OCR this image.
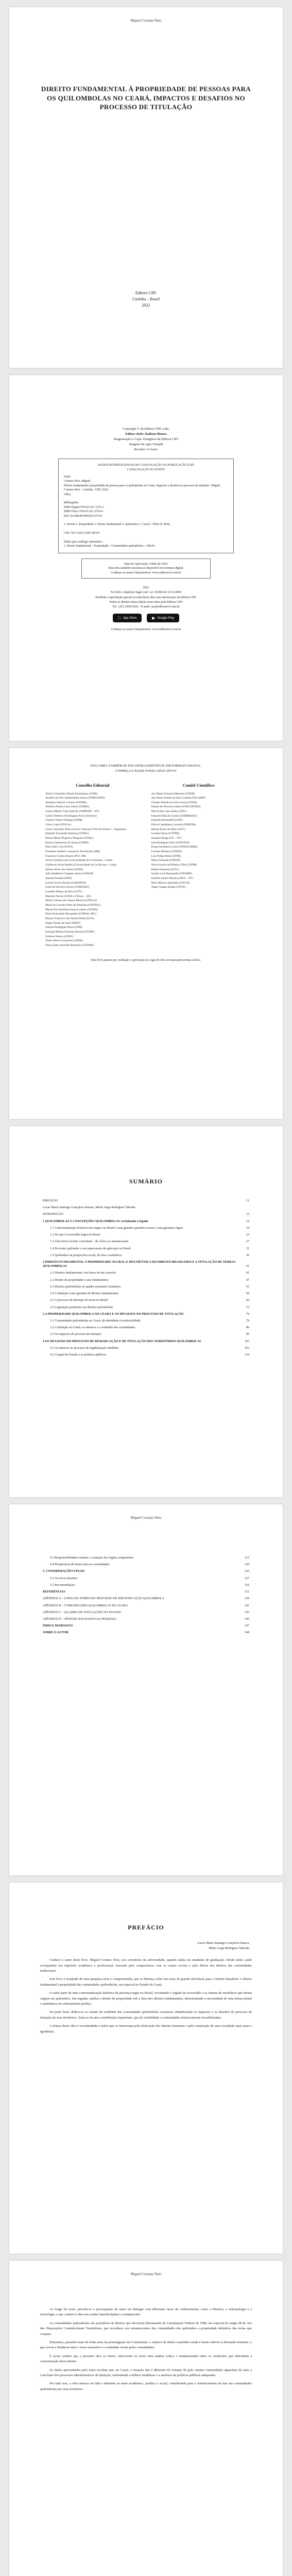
Miguel Coriano Neto
DIREITO FUNDAMENTAL À PROPRIEDADE DE PESSOAS PARA OS QUILOMBOLAS NO CEARÁ, IMPACTOS E DESAFIOS NO PROCESSO DE TITULAÇÃO
Editora CRV
Curitiba – Brasil
2022
Copyright © da Editora CRV Ltda.
Editor-chefe: Railson Moura
Diagramação e Capa: Designers da Editora CRV
Imagem da capa: Freepik
Revisão: O Autor
DADOS INTERNACIONAIS DE CATALOGAÇÃO NA PUBLICAÇÃO (CIP)
CATALOGAÇÃO NA FONTE
N469
Coriano Neto, Miguel.
Direito fundamental à propriedade de pessoas para os quilombolas no Ceará, impactos e desafios no processo de titulação / Miguel Coriano Neto – Curitiba : CRV, 2022.
148 p.

Bibliografia
ISBN Digital 978-65-251-3375-1
ISBN Físico 978-65-251-3374-4
DOI 10.24824/978652513374.4

1. Direito 2. Propriedade 3. Direito fundamental 4. Quilombos 5. Ceará I. Título II. Série.

CDU 347.2 (81) CDD 346.04

Índice para catálogo sistemático
1. Direito fundamental – Propriedade – Comunidades quilombolas – 346.04
Data de Aprovação: Junho de 2022
Esta obra também encontra-se disponível em formato digital.
Conheça os nossos lançamentos: www.editoracrv.com.br
2022
Foi feito o depósito legal conf. Lei 10.994 de 14/12/2004
Proibida a reprodução parcial ou total desta obra sem autorização da Editora CRV
Todos os direitos desta edição reservados pela Editora CRV
Tel.: (41) 3039-6418 – E-mail: sac@editoracrv.com.br
App Store	▶ Google Play
Conheça os nossos lançamentos: www.editoracrv.com.br
ESTA OBRA TAMBÉM SE ENCONTRA DISPONÍVEL EM FORMATO DIGITAL.
CONHEÇA E BAIXE NOSSO APLICATIVO!
Conselho Editorial:
Aldira Guimarães Duarte Domínguez (UNB)
Andréia da Silva Quintanilha Sousa (UNIR/UFRN)
Anselmo Alencar Colares (UFOPA)
Antônio Pereira Gaio Júnior (UFRRJ)
Carlos Alberto Vilar Estêvão (UMINHO – PT)
Carlos Federico Dominguez Avila (Unieuro)
Carmen Tereza Velanga (UNIR)
Celso Conti (UFSCar)
Cesar Gerónimo Tello (Univer. Nacional Três de Febrero – Argentina)
Eduardo Fernandes Barbosa (UFMG)
Elione Maria Nogueira Diogenes (UFAL)
Elizeu Clementino de Souza (UNEB)
Élsio José Corá (UFFS)
Fernando Antônio Gonçalves Alcoforado (IPB)
Francisco Carlos Duarte (PUC-PR)
Gloria Fariñas León (Universidade de La Havana – Cuba)
Guillermo Arias Beatón (Universidade de La Havana – Cuba)
Jailson Alves dos Santos (UFRJ)
João Adalberto Campato Junior (UNESP)
Josania Portela (UFPI)
Leonel Severo Rocha (UNISINOS)
Lídia de Oliveira Xavier (UNIEURO)
Lourdes Helena da Silva (UFV)
Marcelo Paixão (UFRJ e UTexas – US)
Maria Cristina dos Santos Bezerra (UFSCar)
Maria de Lourdes Pinto de Almeida (UNOESC)
Maria Lília Imbiriba Sousa Colares (UFOPA)
Paulo Romualdo Hernandes (UNIFAL-MG)
Renato Francisco dos Santos Paula (UFG)
Sérgio Nunes de Jesus (IFRO)
Simone Rodrigues Pinto (UNB)
Solange Helena Ximenes-Rocha (UFOPA)
Sydione Santos (UEPG)
Tadeu Oliver Gonçalves (UFPA)
Tania Suely Azevedo Brasileiro (UFOPA)
Comitê Científico:
Ana Maria Ferreira Menezes (UNEB)
Ana Paula Jardim da Silva Guedes (FACAMP)
Charles Alfredo da Silva Souza (UFPA)
Daniel de Oliveira Gomes (UNICENTRO)
Deivid Alex dos Santos (UEL)
Eduardo Biacchi Gomes (UNIBRASIL)
Eduardo Romanelli (UFJF)
Flávia Castellanos Lacerda (UNIFOR)
Helena Esser dos Reis (UFG)
Ivonélio Bonn (UTFPR)
Joaquim Braga (UC – PT)
José Rodrigues Neto (UNIVASF)
Kinga Alcântara Cyran (UNIFACIDER)
Luciana Miliano (UNESP)
Luiz Felipe Mota (UFPB)
Maria Almeida (UNESP)
Oscar Soares de Pinheiro Filho (UFPR)
Rafael Junqueira (UFG)
Sandro Luiz Bazzanella (UNIARP)
Serafim Santos Moreira (PUC – PT)
Sério Marcos Agostinho (UFGD)
Tiago Chagas Araújo (UFCE)
Este livro passou por avaliação e aprovação às cegas de dois ou mais pareceristas ad hoc.
SUMÁRIO
PREFÁCIO	11
Lucas Maria Santiago Gonçalves Ramos, Mário Jorge Rodrigues Taborda
INTRODUÇÃO	15
1 QUILOMBOLAS E CONCEPÇÕES QUILOMBOLAS: revisitando o legado	19
1.1 Contextualização histórica dos negros no Brasil e suas grandes questões sociais e suas garantias legais	19
1.2 Do que é escravidão negra no Brasil	23
1.3 Uma breve revisão conceitual – da África ao remanescente	27
1.4 Do termo quilombo e sua repercussão de aplicação no Brasil	31
1.5 Quilombos na perspectiva social, de luta e resistência	36
2 DIREITO FUNDAMENTAL À PROPRIEDADE: PLURAL E MULTIÉTNICA DO DIREITO BRASILEIRO E A TITULAÇÃO DE TERRAS QUILOMBOLAS	41
2.1 Direitos fundamentais: em busca de um conceito	41
2.2 Direito de propriedade e seus fundamentos	47
2.3 Direitos quilombolas no quadro normativo brasileiro	53
2.4 A titulação como garantia de direitos fundamentais	60
2.5 O processo de titulação de terras no Brasil	66
2.6 Legislação pertinente aos direitos quilombolas	72
3 A PROPRIEDADE QUILOMBOLA NO CEARÁ E OS DESAFIOS NO PROCESSO DE TITULAÇÃO	79
3.1 Comunidades quilombolas no Ceará: da identidade à territorialidade	79
3.2 A titulação no Ceará: os números e a realidade das comunidades	86
3.3 Os impactos do processo de titulação	95
4 OS DESAFIOS DO PROCESSO DE DEMARCAÇÃO E DE TITULAÇÃO DOS TERRITÓRIOS QUILOMBOLAS	103
4.1 Os entraves no processo de regularização fundiária	103
4.2 O papel do Estado e as políticas públicas	110
Miguel Coriano Neto
4.3 Responsabilidades estatais e a atuação dos órgãos competentes	115
4.4 Perspectivas de futuro para as comunidades	120
5. CONSIDERAÇÕES FINAIS	125
5.1 Os novos desafios	127
5.2 Recomendações	129
REFERÊNCIAS	131
APÊNDICE A – LINHA DO TEMPO DO PROCESSO DE IDENTIFICAÇÃO QUILOMBOLA	139
APÊNDICE B – COMUNIDADES QUILOMBOLAS NO CEARÁ	141
APÊNDICE C – QUADRO DE TITULAÇÕES NO ESTADO	143
APÊNDICE D – SÍNTESE DOS DADOS DA PESQUISA	145
ÍNDICE REMISSIVO	147
SOBRE O AUTOR	148
PREFÁCIO
Lucas Maria Santiago Gonçalves Ramos
Mário Jorge Rodrigues Taborda

Conheci o autor deste livro, Miguel Coriano Neto, nos corredores da universidade, quando ainda era estudante de graduação. Desde então, pude acompanhar sua trajetória acadêmica e profissional, marcada pelo compromisso com as causas sociais e pela defesa dos direitos das comunidades tradicionais.

Este livro é resultado de uma pesquisa séria e comprometida, que se debruça sobre um tema de grande relevância para o Direito brasileiro: o direito fundamental à propriedade das comunidades quilombolas, em especial no Estado do Ceará.

O autor parte de uma contextualização histórica da presença negra no Brasil, revisitando o legado da escravidão e as formas de resistência que deram origem aos quilombos. Em seguida, analisa o direito de propriedade sob a ótica dos direitos fundamentais, demonstrando a necessidade de uma leitura plural e multiétnica do ordenamento jurídico.

Na parte final, dedica-se ao estudo da realidade das comunidades quilombolas cearenses, identificando os impactos e os desafios do processo de titulação de seus territórios. Trata-se de uma contribuição importante, que dá visibilidade a comunidades historicamente invisibilizadas.

A leitura desta obra é recomendada a todos que se interessam pela efetivação dos direitos humanos e pela construção de uma sociedade mais justa e igualitária.

Miguel Coriano Neto

Ao longo do texto, percebe-se a preocupação do autor em dialogar com diferentes áreas do conhecimento, como a História, a Antropologia e a Sociologia, o que confere à obra um caráter interdisciplinar e enriquecedor.

As comunidades quilombolas são portadoras de direitos que decorrem diretamente da Constituição Federal de 1988, em especial do artigo 68 do Ato das Disposições Constitucionais Transitórias, que reconhece aos remanescentes das comunidades dos quilombos a propriedade definitiva das terras que ocupam.

Entretanto, passados mais de trinta anos da promulgação da Constituição, o número de títulos expedidos ainda é muito inferior à demanda existente, o que revela a distância entre o texto normativo e a realidade vivida pelas comunidades.

É nesse cenário que a presente obra se insere, oferecendo ao leitor uma análise crítica e fundamentada sobre os obstáculos que dificultam a concretização desse direito.

Os dados apresentados pelo autor revelam que, no Ceará, a situação não é diferente do restante do país: muitas comunidades aguardam há anos a conclusão dos processos administrativos de titulação, enfrentando conflitos fundiários e a ausência de políticas públicas adequadas.

Por tudo isso, a obra merece ser lida e debatida no meio acadêmico, jurídico e social, contribuindo para o fortalecimento da luta das comunidades quilombolas por seus territórios.
